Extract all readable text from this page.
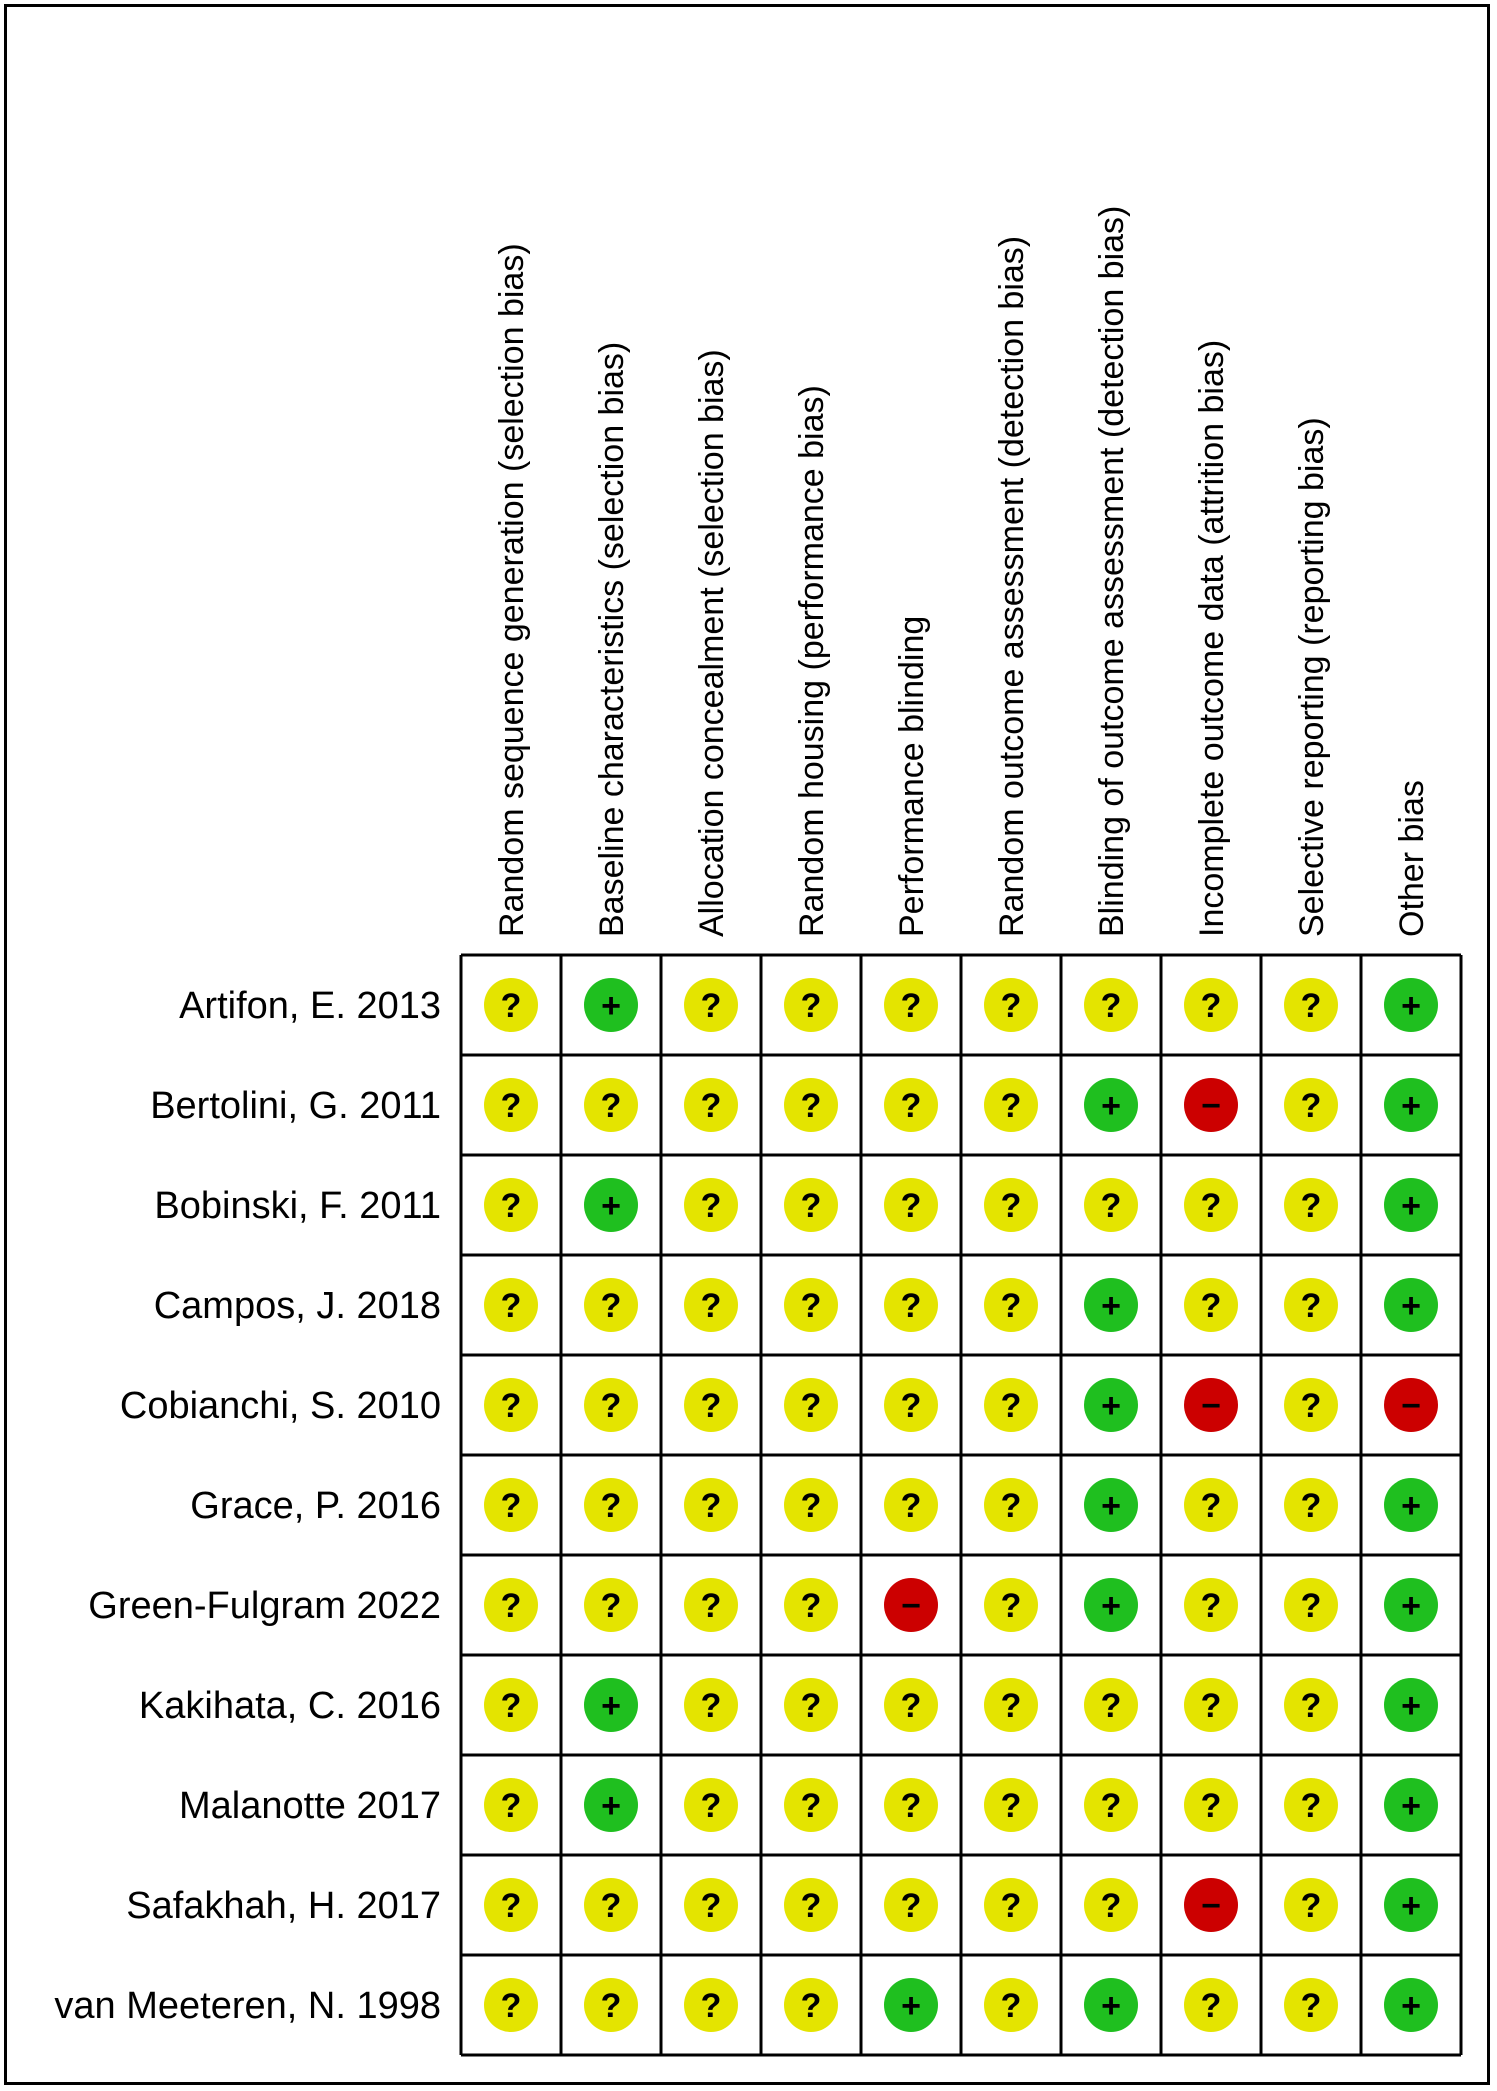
Random sequence generation (selection bias) Baseline characteristics (selection bias) Allocation concealment (selection bias) Random housing (performance bias) Performance blinding Random outcome assessment (detection bias) Blinding of outcome assessment (detection bias) Incomplete outcome data (attrition bias) Selective reporting (reporting bias) Other bias
Artifon, E. 2013
Bertolini, G. 2011
Bobinski, F. 2011
Campos, J. 2018
Cobianchi, S. 2010
Grace, P. 2016
Green-Fulgram 2022
Kakihata, C. 2016
Malanotte 2017
Safakhah, H. 2017
van Meeteren, N. 1998
? + ? ? ? ? ? ? ? +
? ? ? ? ? ? + − ? +
? + ? ? ? ? ? ? ? +
? ? ? ? ? ? + ? ? +
? ? ? ? ? ? + − ? −
? ? ? ? ? ? + ? ? +
? ? ? ? − ? + ? ? +
? + ? ? ? ? ? ? ? +
? + ? ? ? ? ? ? ? +
? ? ? ? ? ? ? − ? +
? ? ? ? + ? + ? ? +
